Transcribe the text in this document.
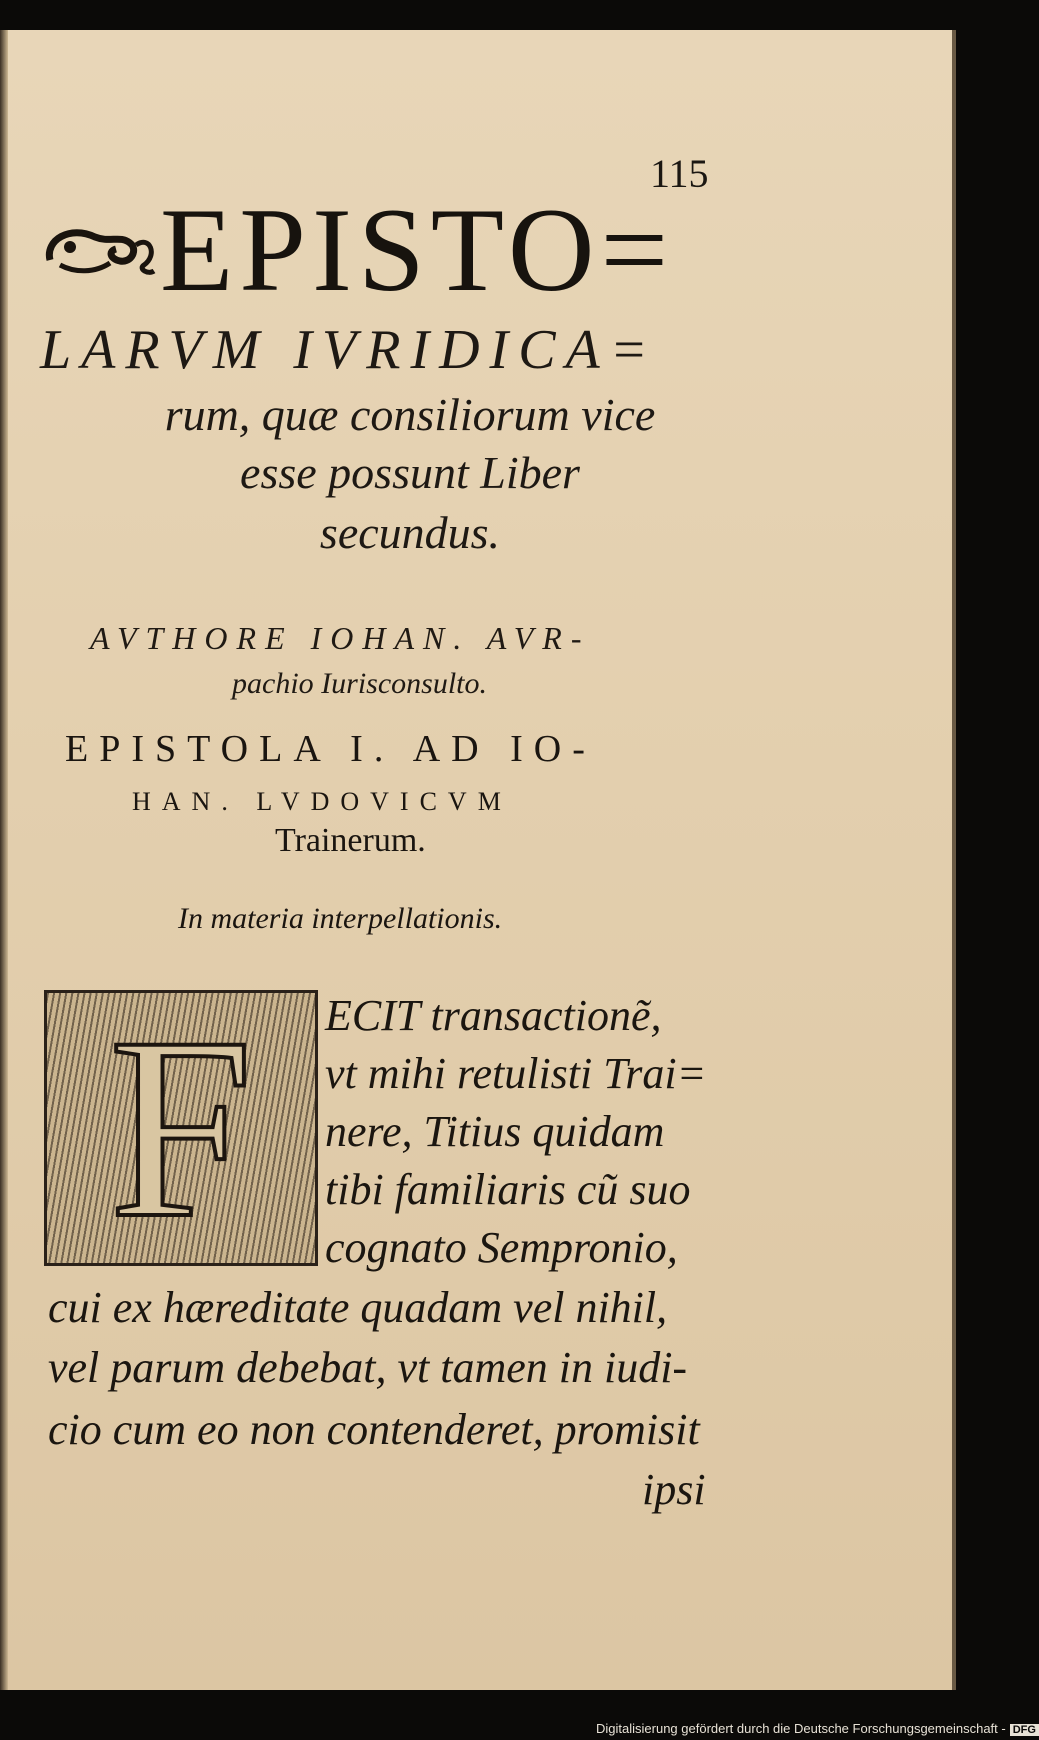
115
EPISTO=
LARVM IVRIDICA=
rum, quæ consiliorum vice
esse possunt Liber
secundus.
AVTHORE IOHAN. AVR-
pachio Iurisconsulto.
EPISTOLA I. AD IO-
HAN. LVDOVICVM
Trainerum.
In materia interpellationis.
F	ECIT transactionẽ,
vt mihi retulisti Trai=
nere, Titius quidam
tibi familiaris cũ suo
cognato Sempronio,
cui ex hæreditate quadam vel nihil,
vel parum debebat, vt tamen in iudi-
cio cum eo non contenderet, promisit
ipsi
Digitalisierung gefördert durch die Deutsche Forschungsgemeinschaft - DFG
